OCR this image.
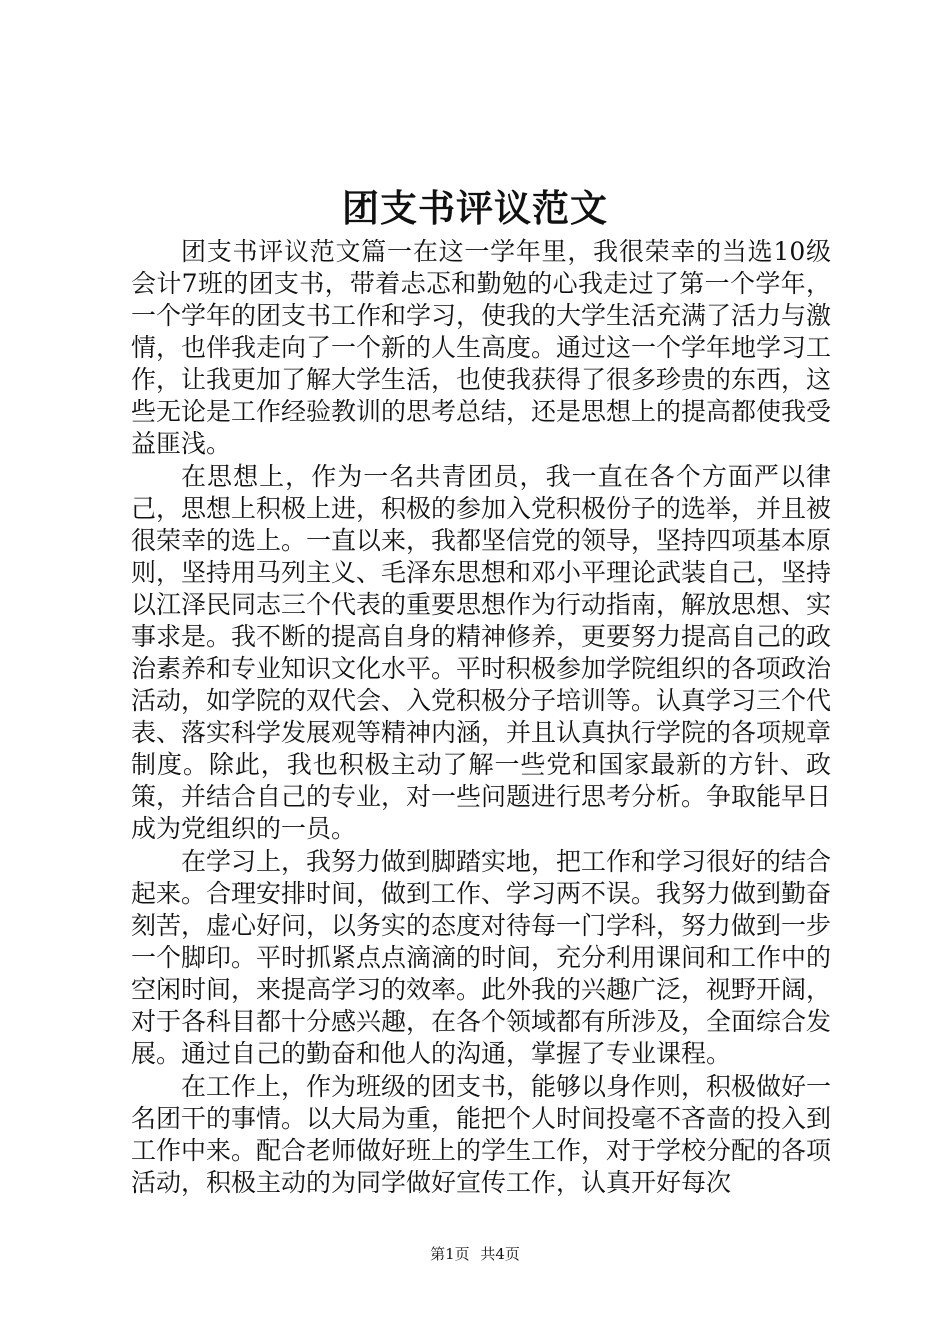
团支书评议范文

团支书评议范文篇一在这一学年里，我很荣幸的当选10级会计7班的团支书，带着忐忑和勤勉的心我走过了第一个学年，一个学年的团支书工作和学习，使我的大学生活充满了活力与激情，也伴我走向了一个新的人生高度。通过这一个学年地学习工作，让我更加了解大学生活，也使我获得了很多珍贵的东西，这些无论是工作经验教训的思考总结，还是思想上的提高都使我受益匪浅。

在思想上，作为一名共青团员，我一直在各个方面严以律己，思想上积极上进，积极的参加入党积极份子的选举，并且被很荣幸的选上。一直以来，我都坚信党的领导，坚持四项基本原则，坚持用马列主义、毛泽东思想和邓小平理论武装自己，坚持以江泽民同志三个代表的重要思想作为行动指南，解放思想、实事求是。我不断的提高自身的精神修养，更要努力提高自己的政治素养和专业知识文化水平。平时积极参加学院组织的各项政治活动，如学院的双代会、入党积极分子培训等。认真学习三个代表、落实科学发展观等精神内涵，并且认真执行学院的各项规章制度。除此，我也积极主动了解一些党和国家最新的方针、政策，并结合自己的专业，对一些问题进行思考分析。争取能早日成为党组织的一员。

在学习上，我努力做到脚踏实地，把工作和学习很好的结合起来。合理安排时间，做到工作、学习两不误。我努力做到勤奋刻苦，虚心好问，以务实的态度对待每一门学科，努力做到一步一个脚印。平时抓紧点点滴滴的时间，充分利用课间和工作中的空闲时间，来提高学习的效率。此外我的兴趣广泛，视野开阔，对于各科目都十分感兴趣，在各个领域都有所涉及，全面综合发展。通过自己的勤奋和他人的沟通，掌握了专业课程。

在工作上，作为班级的团支书，能够以身作则，积极做好一名团干的事情。以大局为重，能把个人时间投毫不吝啬的投入到工作中来。配合老师做好班上的学生工作，对于学校分配的各项活动，积极主动的为同学做好宣传工作，认真开好每次

第1页 共4页
